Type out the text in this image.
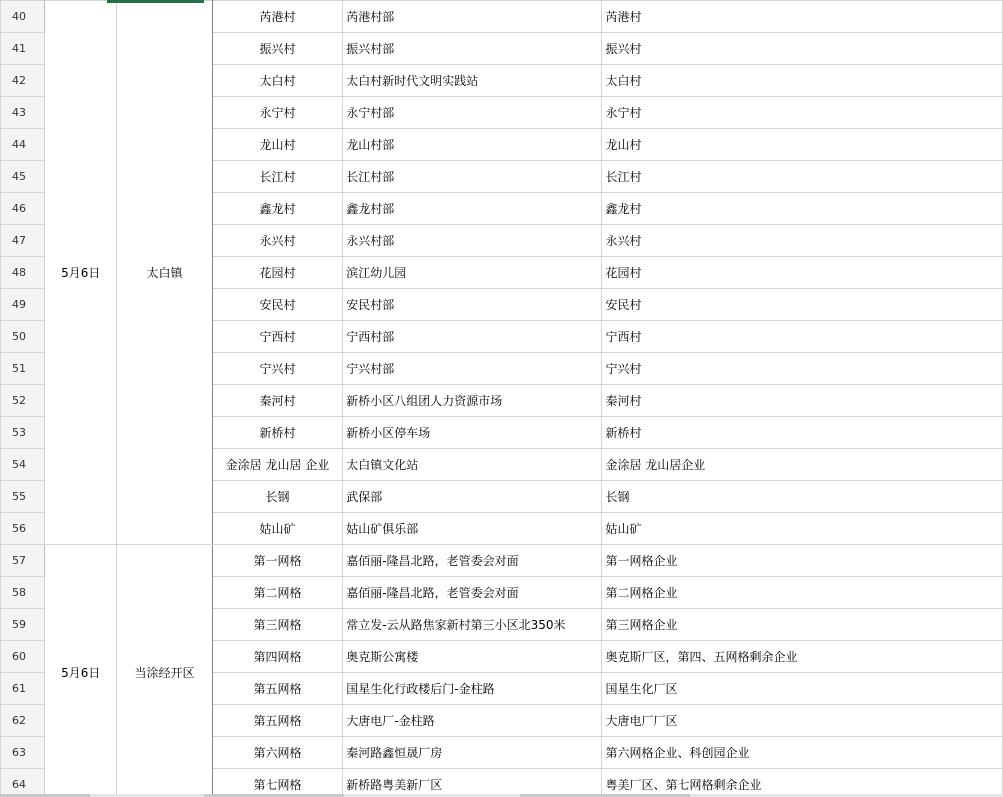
40	5月6日	太白镇	芮港村	芮港村部	芮港村
41			振兴村	振兴村部	振兴村
42			太白村	太白村新时代文明实践站	太白村
43			永宁村	永宁村部	永宁村
44			龙山村	龙山村部	龙山村
45			长江村	长江村部	长江村
46			鑫龙村	鑫龙村部	鑫龙村
47			永兴村	永兴村部	永兴村
48			花园村	滨江幼儿园	花园村
49			安民村	安民村部	安民村
50			宁西村	宁西村部	宁西村
51			宁兴村	宁兴村部	宁兴村
52			秦河村	新桥小区八组团人力资源市场	秦河村
53			新桥村	新桥小区停车场	新桥村
54			金涂居 龙山居 企业	太白镇文化站	金涂居 龙山居企业
55			长钢	武保部	长钢
56			姑山矿	姑山矿俱乐部	姑山矿
57	5月6日	当涂经开区	第一网格	嘉佰丽-隆昌北路，老管委会对面	第一网格企业
58			第二网格	嘉佰丽-隆昌北路，老管委会对面	第二网格企业
59			第三网格	常立发-云从路焦家新村第三小区北350米	第三网格企业
60			第四网格	奥克斯公寓楼	奥克斯厂区，第四、五网格剩余企业
61			第五网格	国星生化行政楼后门-金柱路	国星生化厂区
62			第五网格	大唐电厂-金柱路	大唐电厂厂区
63			第六网格	秦河路鑫恒晟厂房	第六网格企业、科创园企业
64			第七网格	新桥路粤美新厂区	粤美厂区、第七网格剩余企业
